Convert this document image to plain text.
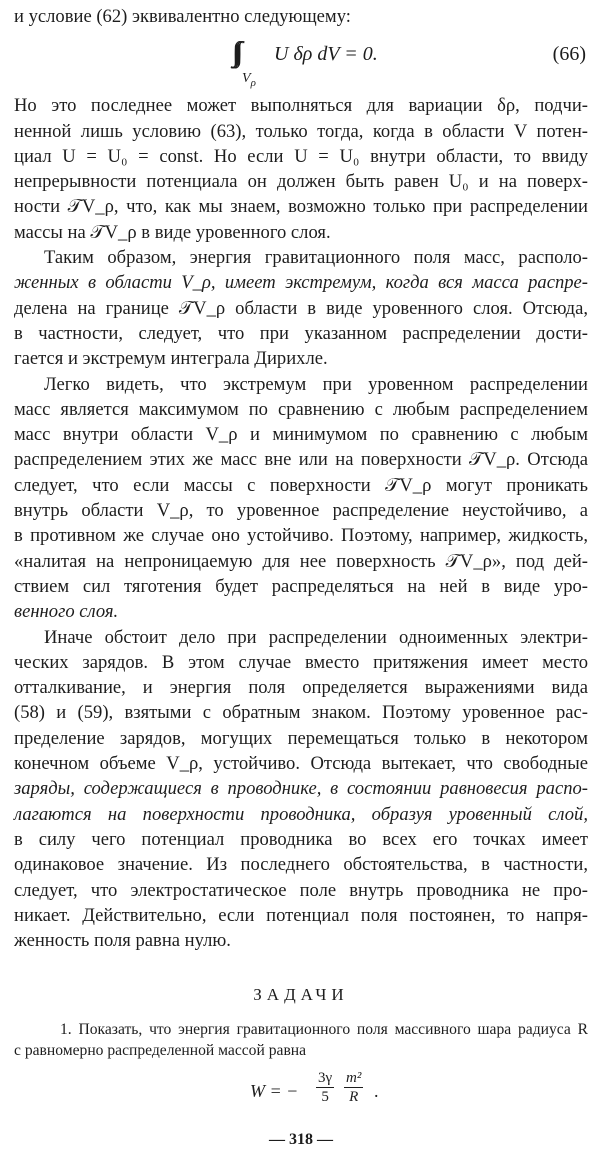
и условие (62) эквивалентно следующему:
∫∫∫
$V_\rho$
U δρ dV = 0.	(66)
Но это последнее может выполняться для вариации δρ, подчи-
ненной лишь условию (63), только тогда, когда в области V потен-
циал U = U₀ = const. Но если U = U₀ внутри области, то ввиду
непрерывности потенциала он должен быть равен U₀ и на поверх-
ности 𝒯V_ρ, что, как мы знаем, возможно только при распределении
массы на 𝒯V_ρ в виде уровенного слоя.
Таким образом, энергия гравитационного поля масс, располо-
женных в области V_ρ, имеет экстремум, когда вся масса распре-
делена на границе 𝒯V_ρ области в виде уровенного слоя. Отсюда,
в частности, следует, что при указанном распределении дости-
гается и экстремум интеграла Дирихле.
Легко видеть, что экстремум при уровенном распределении
масс является максимумом по сравнению с любым распределением
масс внутри области V_ρ и минимумом по сравнению с любым
распределением этих же масс вне или на поверхности 𝒯V_ρ. Отсюда
следует, что если массы с поверхности 𝒯V_ρ могут проникать
внутрь области V_ρ, то уровенное распределение неустойчиво, а
в противном же случае оно устойчиво. Поэтому, например, жидкость,
«налитая на непроницаемую для нее поверхность 𝒯V_ρ», под дей-
ствием сил тяготения будет распределяться на ней в виде уро-
венного слоя.
Иначе обстоит дело при распределении одноименных электри-
ческих зарядов. В этом случае вместо притяжения имеет место
отталкивание, и энергия поля определяется выражениями вида
(58) и (59), взятыми с обратным знаком. Поэтому уровенное рас-
пределение зарядов, могущих перемещаться только в некотором
конечном объеме V_ρ, устойчиво. Отсюда вытекает, что свободные
заряды, содержащиеся в проводнике, в состоянии равновесия распо-
лагаются на поверхности проводника, образуя уровенный слой,
в силу чего потенциал проводника во всех его точках имеет
одинаковое значение. Из последнего обстоятельства, в частности,
следует, что электростатическое поле внутрь проводника не про-
никает. Действительно, если потенциал поля постоянен, то напря-
женность поля равна нулю.
ЗАДАЧИ
1. Показать, что энергия гравитационного поля массивного шара радиуса R
с равномерно распределенной массой равна
W = − $\frac{3\gamma}{5} \frac{\text{m²}}{R}$ .
— 318 —
